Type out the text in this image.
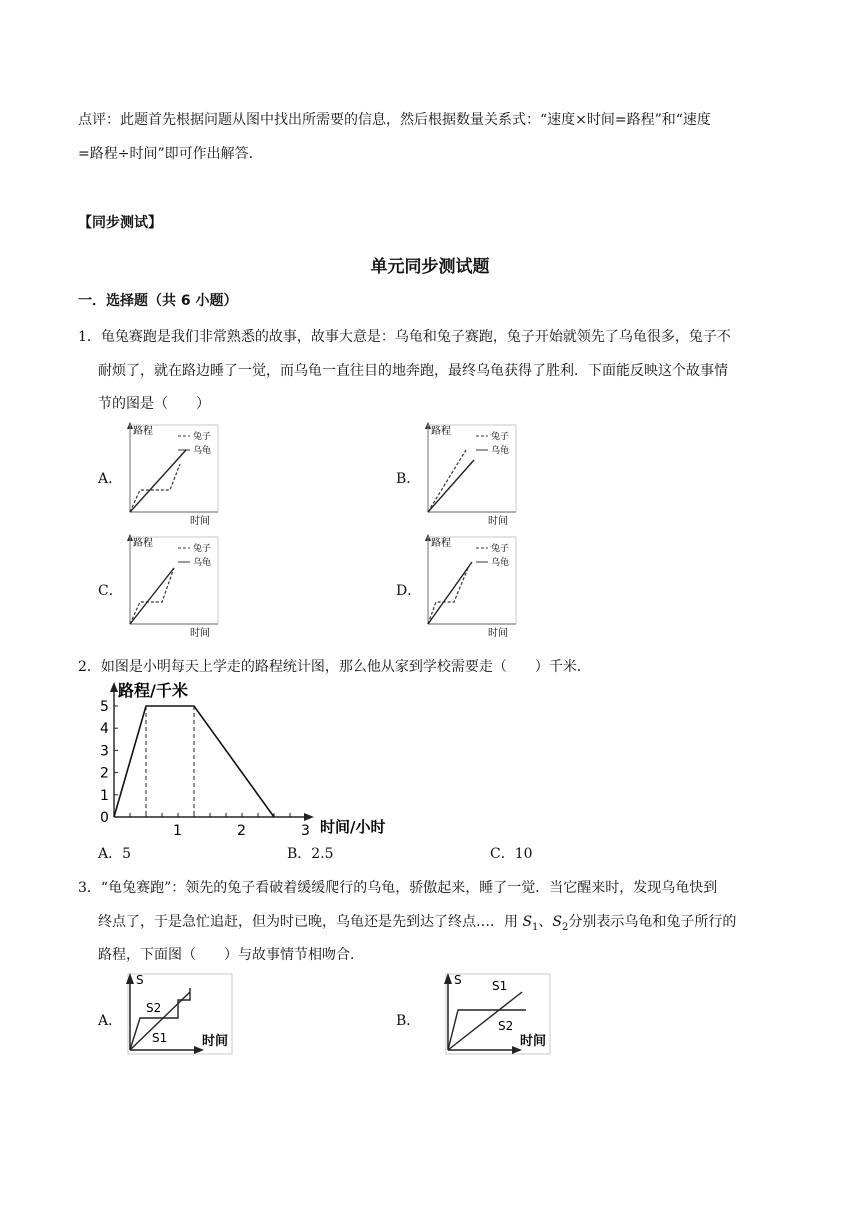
点评：此题首先根据问题从图中找出所需要的信息，然后根据数量关系式：“速度×时间=路程”和“速度
=路程÷时间”即可作出解答.
【同步测试】
单元同步测试题
一．选择题（共 6 小题）
1．龟兔赛跑是我们非常熟悉的故事，故事大意是：乌龟和兔子赛跑，兔子开始就领先了乌龟很多，兔子不
耐烦了，就在路边睡了一觉，而乌龟一直往目的地奔跑，最终乌龟获得了胜利．下面能反映这个故事情
节的图是（　　）
A．	B．
C．	D．
路程
时间
兔子
乌龟
路程
时间
兔子
乌龟
路程
时间
兔子
乌龟
路程
时间
兔子
乌龟
2．如图是小明每天上学走的路程统计图，那么他从家到学校需要走（　　）千米．
路程/千米
时间/小时
0
1
2
3
4
5
1	2	3
A．5	B．2.5	C．10
3．“龟兔赛跑”：领先的兔子看破着缓缓爬行的乌龟，骄傲起来，睡了一觉．当它醒来时，发现乌龟快到
终点了，于是急忙追赶，但为时已晚，乌龟还是先到达了终点…．用 $S_1$、$S_2$分别表示乌龟和兔子所行的
路程，下面图（　　）与故事情节相吻合．
A．	B．
S
时间
S2
S1
S
时间
S1
S2
